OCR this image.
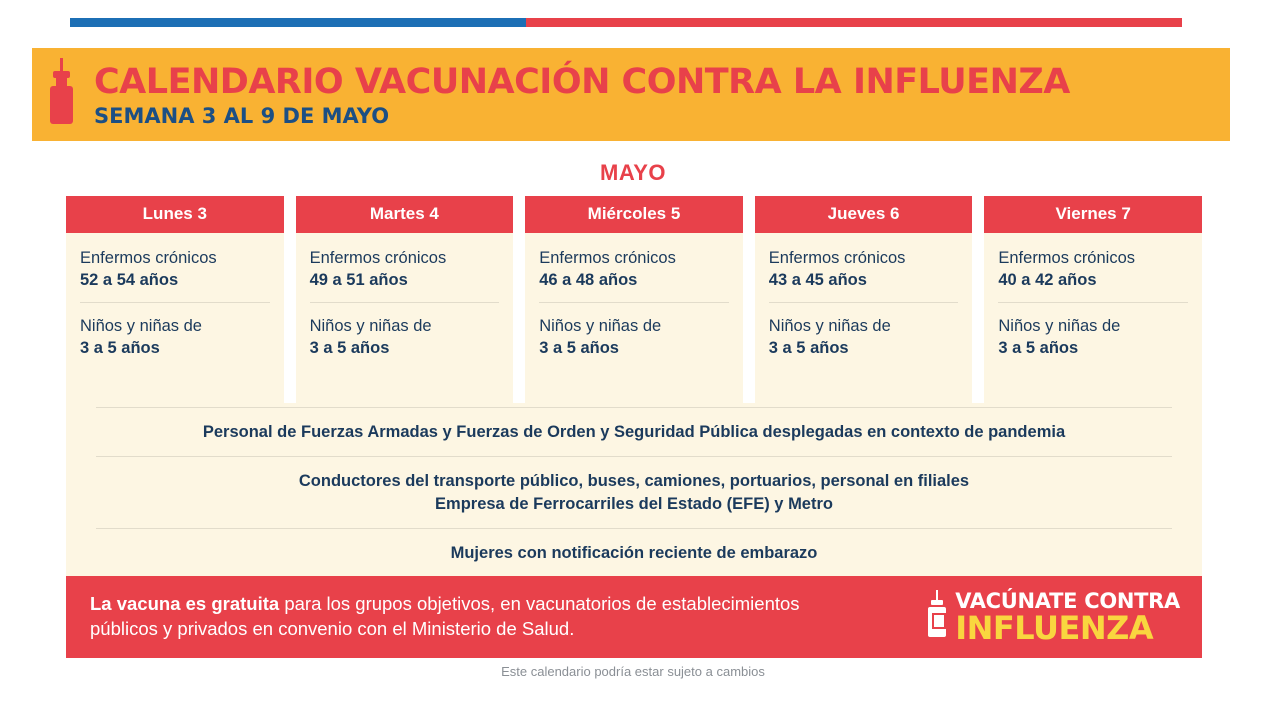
CALENDARIO VACUNACIÓN CONTRA LA INFLUENZA
SEMANA 3 AL 9 DE MAYO
MAYO
Lunes 3
Enfermos crónicos
52 a 54 años
Niños y niñas de
3 a 5 años
Martes 4
Enfermos crónicos
49 a 51 años
Niños y niñas de
3 a 5 años
Miércoles 5
Enfermos crónicos
46 a 48 años
Niños y niñas de
3 a 5 años
Jueves 6
Enfermos crónicos
43 a 45 años
Niños y niñas de
3 a 5 años
Viernes 7
Enfermos crónicos
40 a 42 años
Niños y niñas de
3 a 5 años
Personal de Fuerzas Armadas y Fuerzas de Orden y Seguridad Pública desplegadas en contexto de pandemia
Conductores del transporte público, buses, camiones, portuarios, personal en filiales
Empresa de Ferrocarriles del Estado (EFE) y Metro
Mujeres con notificación reciente de embarazo
La vacuna es gratuita para los grupos objetivos, en vacunatorios de establecimientos públicos y privados en convenio con el Ministerio de Salud.
VACÚNATE CONTRA
INFLUENZA
Este calendario podría estar sujeto a cambios
